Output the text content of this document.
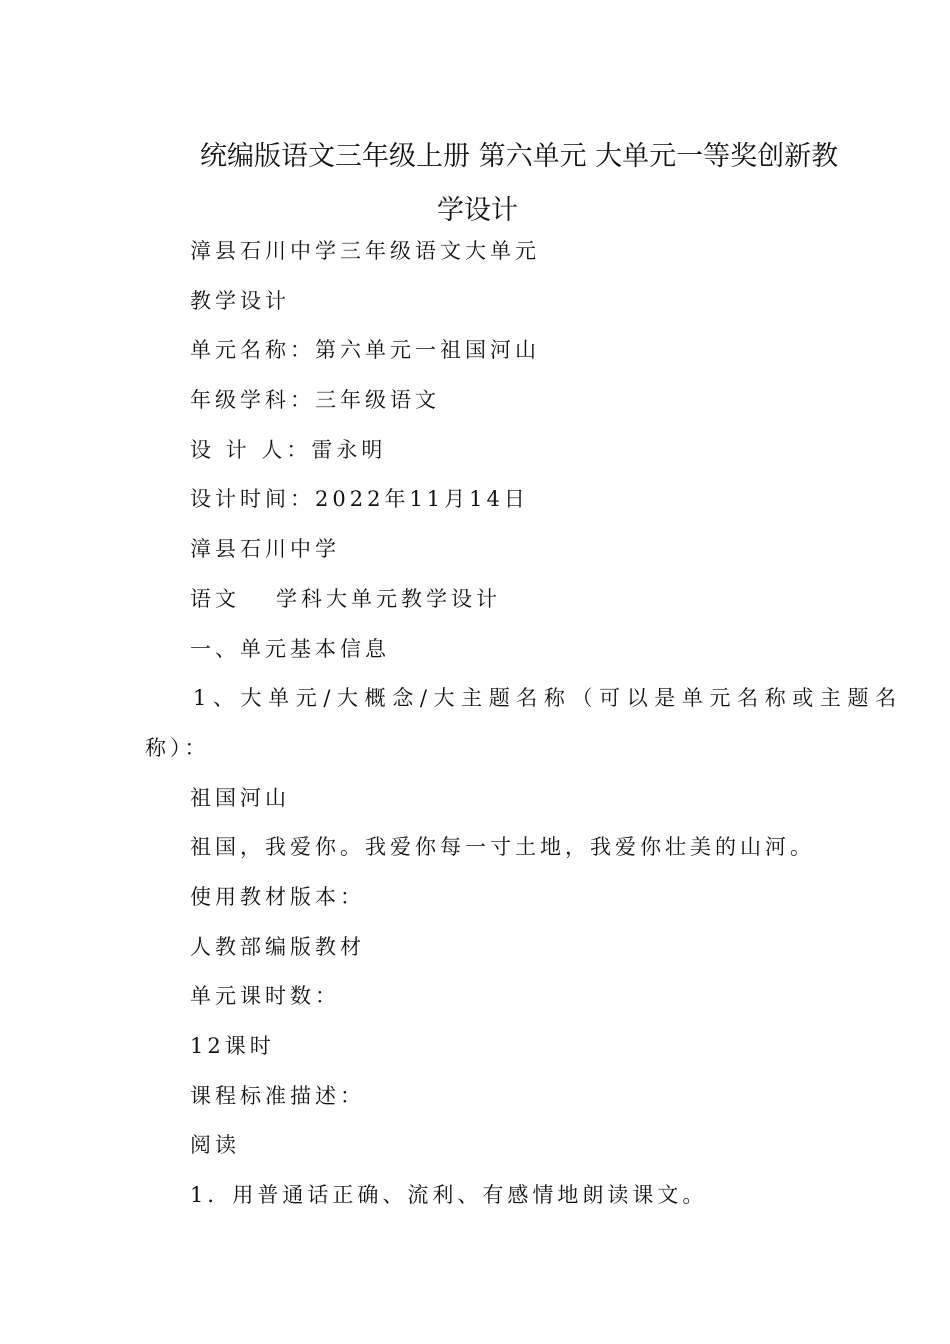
统编版语文三年级上册 第六单元 大单元一等奖创新教
学设计
漳县石川中学三年级语文大单元
教学设计
单元名称：第六单元一祖国河山
年级学科：三年级语文
设 计 人：雷永明
设计时间：2022年11月14日
漳县石川中学
语文 学科大单元教学设计
一、单元基本信息
1、大单元/大概念/大主题名称（可以是单元名称或主题名
称）：
祖国河山
祖国，我爱你。我爱你每一寸土地，我爱你壮美的山河。
使用教材版本：
人教部编版教材
单元课时数：
12课时
课程标准描述：
阅读
1．用普通话正确、流利、有感情地朗读课文。
